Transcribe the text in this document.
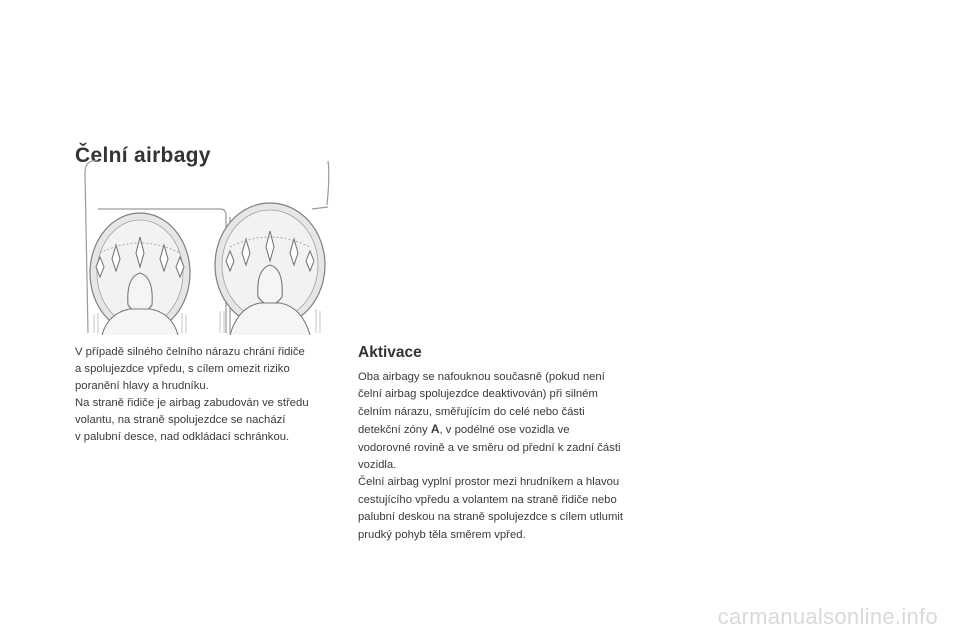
Čelní airbagy

V případě silného čelního nárazu chrání řidiče

a spolujezdce vpředu, s cílem omezit riziko

poranění hlavy a hrudníku.

Na straně řidiče je airbag zabudován ve středu

volantu, na straně spolujezdce se nachází

v palubní desce, nad odkládací schránkou.

Aktivace

Oba airbagy se nafouknou současně (pokud není čelní airbag spolujezdce deaktivován) při silném čelním nárazu, směřujícím do celé nebo části detekční zóny A, v podélné ose vozidla ve vodorovné rovině a ve směru od přední k zadní části vozidla.

Čelní airbag vyplní prostor mezi hrudníkem a hlavou cestujícího vpředu a volantem na straně řidiče nebo palubní deskou na straně spolujezdce s cílem utlumit prudký pohyb těla směrem vpřed.

carmanualsonline.info
